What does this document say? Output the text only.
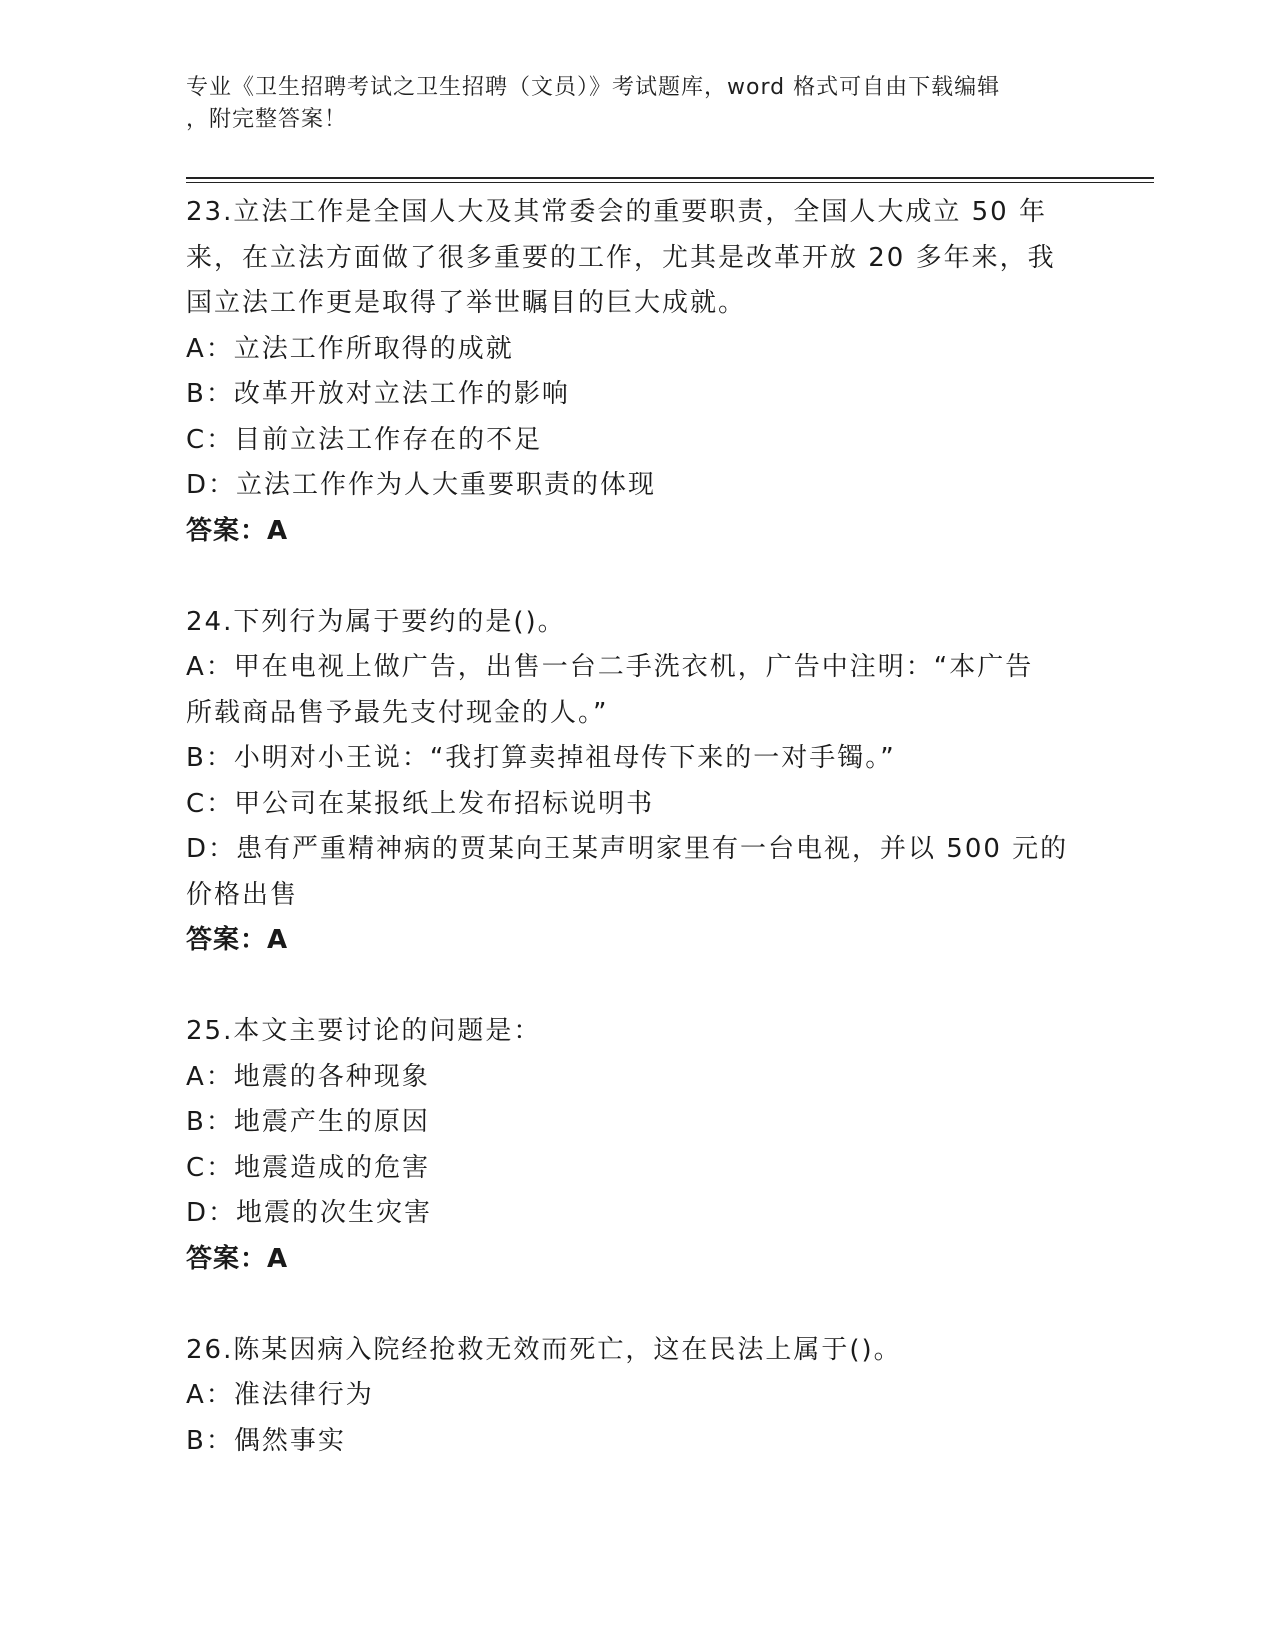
专业《卫生招聘考试之卫生招聘（文员）》考试题库，word 格式可自由下载编辑
，附完整答案！
23.立法工作是全国人大及其常委会的重要职责，全国人大成立 50 年
来，在立法方面做了很多重要的工作，尤其是改革开放 20 多年来，我
国立法工作更是取得了举世瞩目的巨大成就。
A：立法工作所取得的成就
B：改革开放对立法工作的影响
C：目前立法工作存在的不足
D：立法工作作为人大重要职责的体现
答案：A
24.下列行为属于要约的是()。
A：甲在电视上做广告，出售一台二手洗衣机，广告中注明：“本广告
所载商品售予最先支付现金的人。”
B：小明对小王说：“我打算卖掉祖母传下来的一对手镯。”
C：甲公司在某报纸上发布招标说明书
D：患有严重精神病的贾某向王某声明家里有一台电视，并以 500 元的
价格出售
答案：A
25.本文主要讨论的问题是：
A：地震的各种现象
B：地震产生的原因
C：地震造成的危害
D：地震的次生灾害
答案：A
26.陈某因病入院经抢救无效而死亡，这在民法上属于()。
A：准法律行为
B：偶然事实
